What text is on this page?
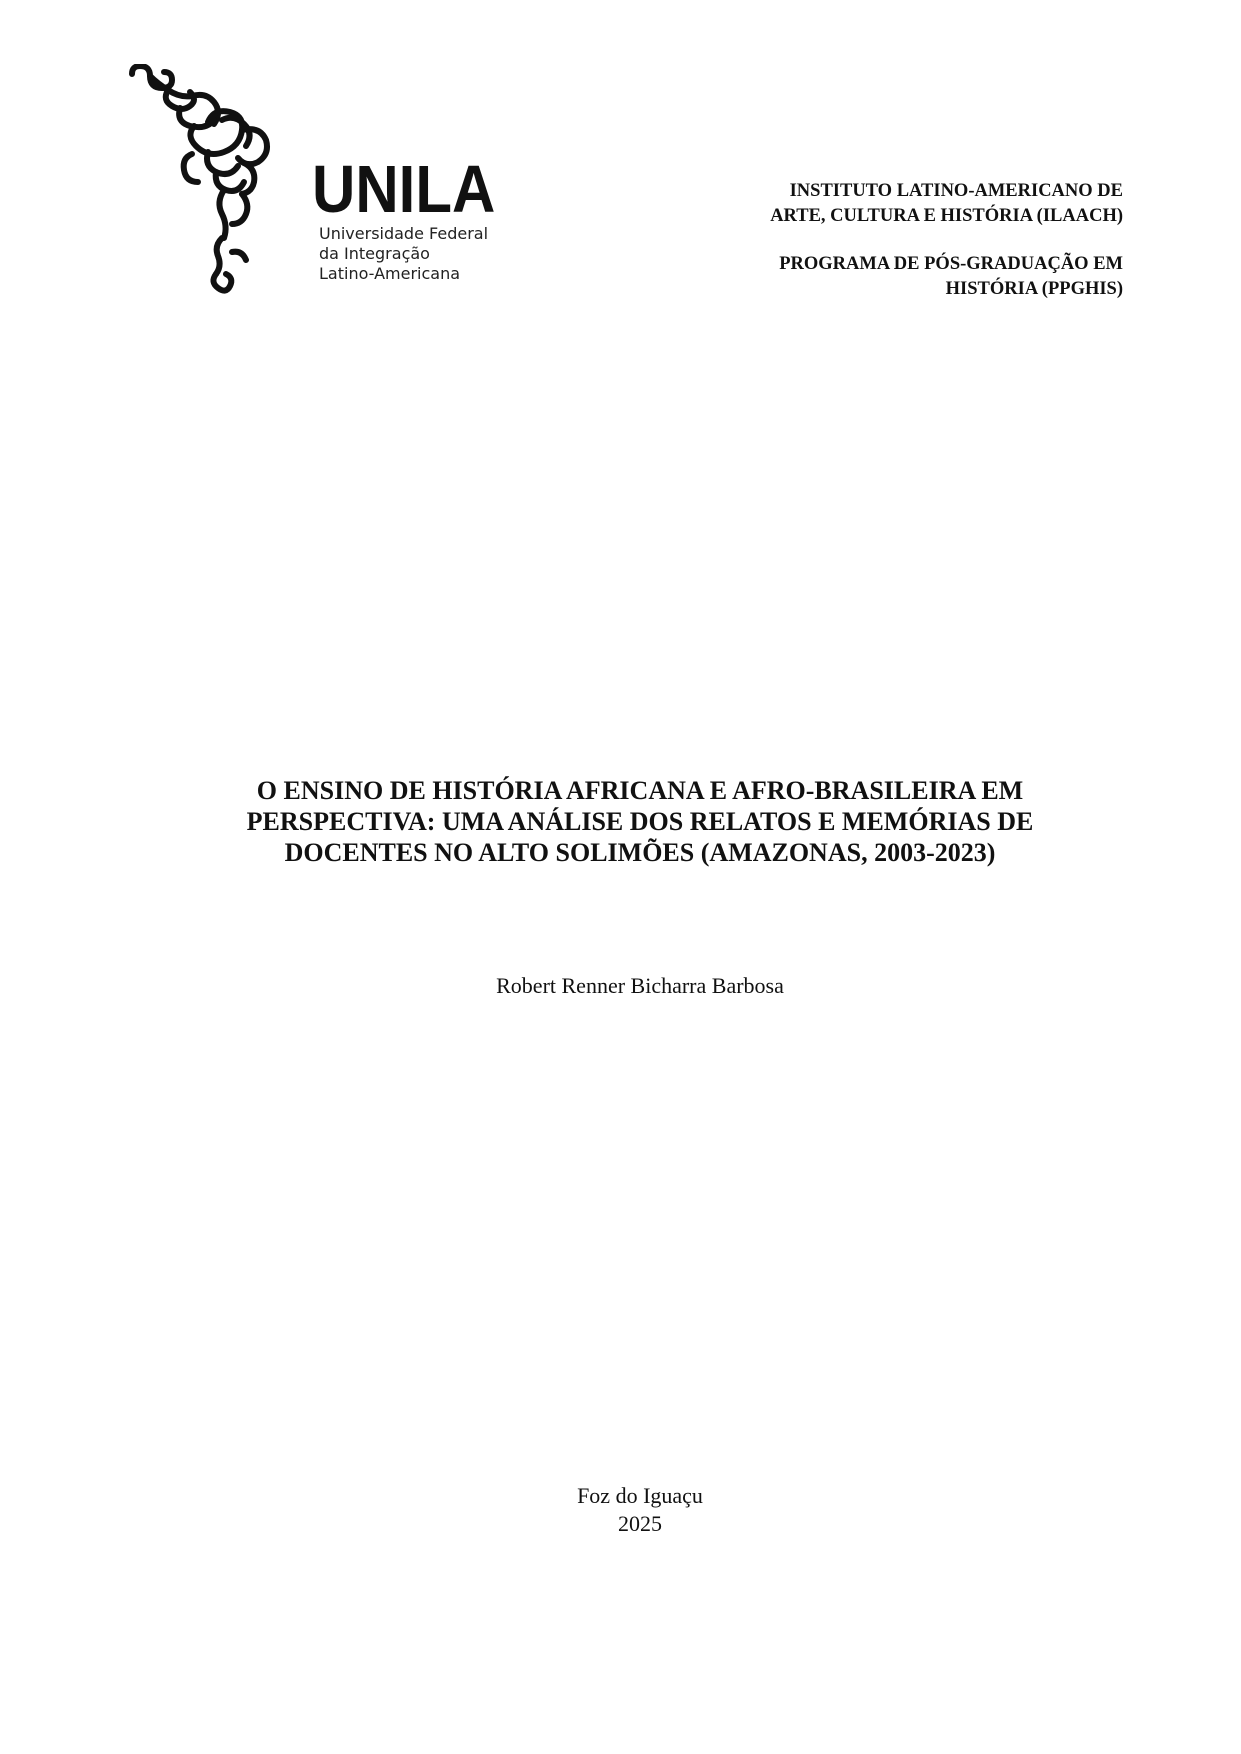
UNILA
Universidade Federal
da Integração
Latino-Americana
INSTITUTO LATINO-AMERICANO DE
ARTE, CULTURA E HISTÓRIA (ILAACH)
PROGRAMA DE PÓS-GRADUAÇÃO EM
HISTÓRIA (PPGHIS)
O ENSINO DE HISTÓRIA AFRICANA E AFRO-BRASILEIRA EM
PERSPECTIVA: UMA ANÁLISE DOS RELATOS E MEMÓRIAS DE
DOCENTES NO ALTO SOLIMÕES (AMAZONAS, 2003-2023)
Robert Renner Bicharra Barbosa
Foz do Iguaçu
2025
